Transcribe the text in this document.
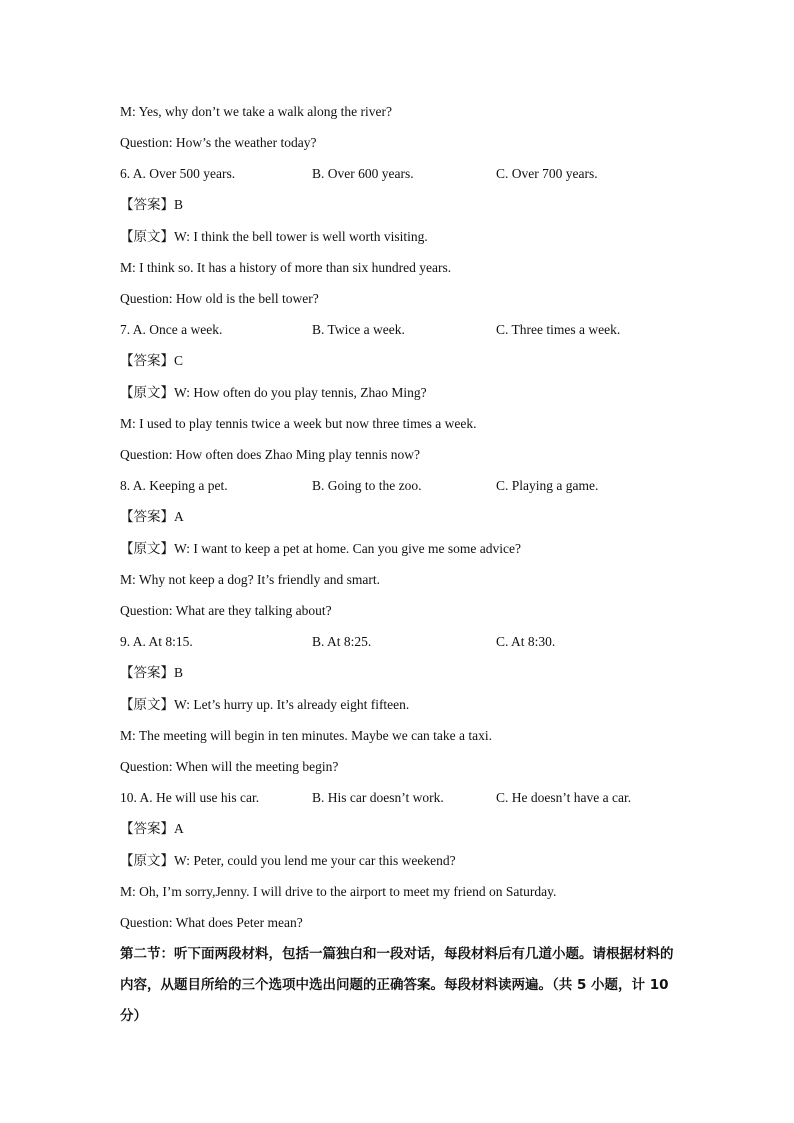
M: Yes, why don’t we take a walk along the river?
Question: How’s the weather today?
6. A. Over 500 years.	B. Over 600 years.	C. Over 700 years.
【答案】B
【原文】W: I think the bell tower is well worth visiting.
M: I think so. It has a history of more than six hundred years.
Question: How old is the bell tower?
7. A. Once a week.	B. Twice a week.	C. Three times a week.
【答案】C
【原文】W: How often do you play tennis, Zhao Ming?
M: I used to play tennis twice a week but now three times a week.
Question: How often does Zhao Ming play tennis now?
8. A. Keeping a pet.	B. Going to the zoo.	C. Playing a game.
【答案】A
【原文】W: I want to keep a pet at home. Can you give me some advice?
M: Why not keep a dog? It’s friendly and smart.
Question: What are they talking about?
9. A. At 8:15.	B. At 8:25.	C. At 8:30.
【答案】B
【原文】W: Let’s hurry up. It’s already eight fifteen.
M: The meeting will begin in ten minutes. Maybe we can take a taxi.
Question: When will the meeting begin?
10. A. He will use his car.	B. His car doesn’t work.	C. He doesn’t have a car.
【答案】A
【原文】W: Peter, could you lend me your car this weekend?
M: Oh, I’m sorry,Jenny. I will drive to the airport to meet my friend on Saturday.
Question: What does Peter mean?
第二节：听下面两段材料，包括一篇独白和一段对话，每段材料后有几道小题。请根据材料的内容，从题目所给的三个选项中选出问题的正确答案。每段材料读两遍。（共 5 小题，计 10 分）
